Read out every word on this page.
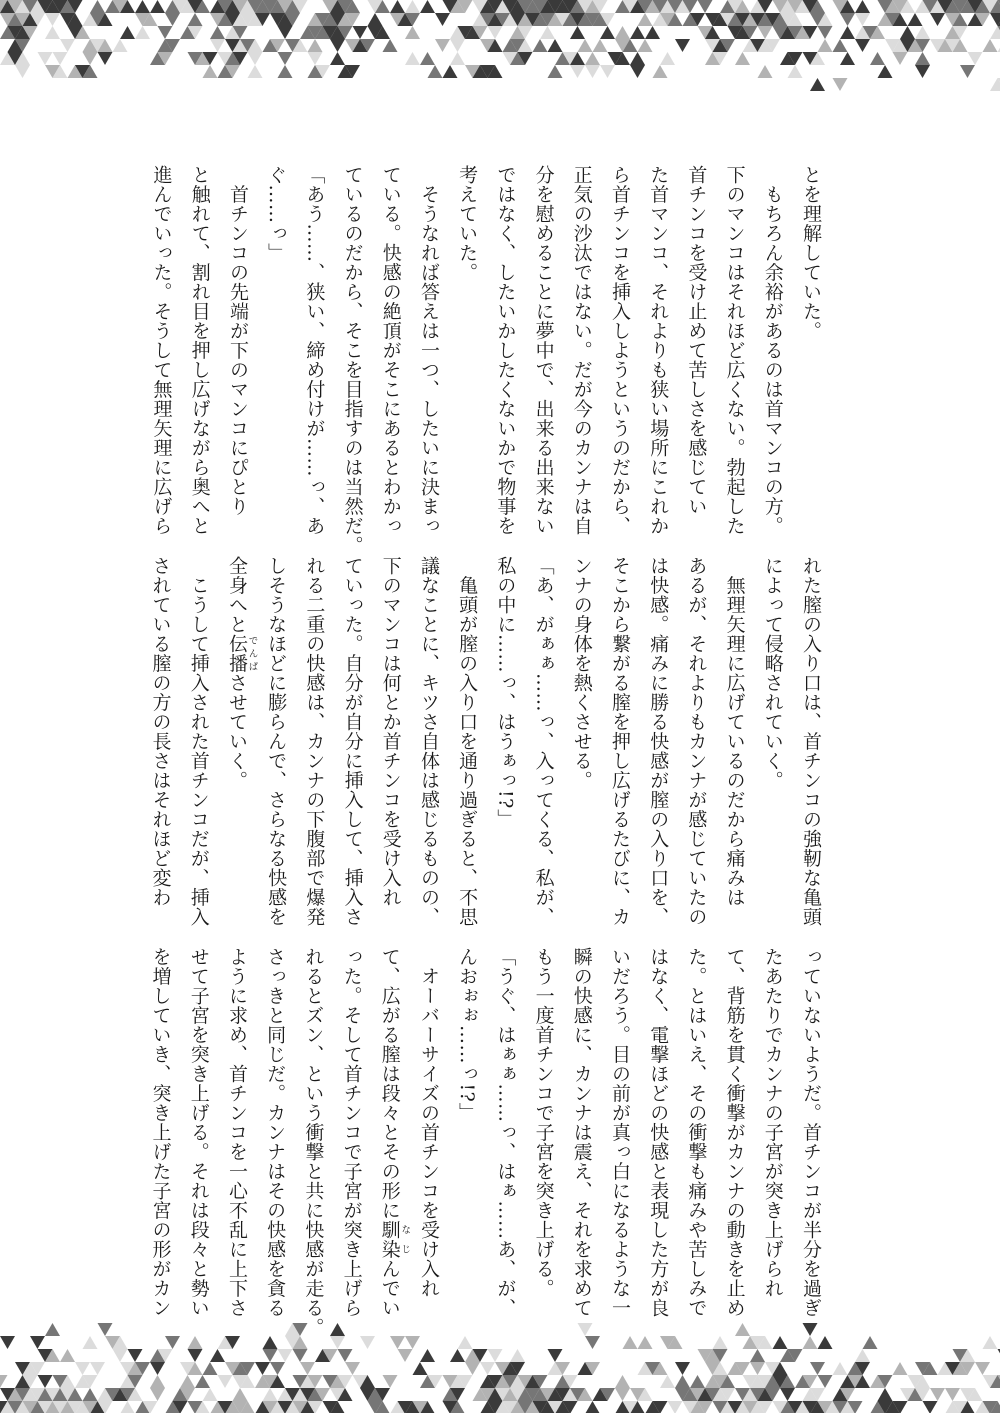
とを理解していた。

　もちろん余裕があるのは首マンコの方。

下のマンコはそれほど広くない。勃起した

首チンコを受け止めて苦しさを感じてい

た首マンコ、それよりも狭い場所にこれか

ら首チンコを挿入しようというのだから、

正気の沙汰ではない。だが今のカンナは自

分を慰めることに夢中で、出来る出来ない

ではなく、したいかしたくないかで物事を

考えていた。

　そうなれば答えは一つ、したいに決まっ

ている。快感の絶頂がそこにあるとわかっ

ているのだから、そこを目指すのは当然だ。

「あう……、狭い、締め付けが……っ、あ

ぐ……っ」

　首チンコの先端が下のマンコにぴとり

と触れて、割れ目を押し広げながら奥へと

進んでいった。そうして無理矢理に広げら

れた膣の入り口は、首チンコの強靭な亀頭

によって侵略されていく。

　無理矢理に広げているのだから痛みは

あるが、それよりもカンナが感じていたの

は快感。痛みに勝る快感が膣の入り口を、

そこから繋がる膣を押し広げるたびに、カ

ンナの身体を熱くさせる。

「あ、がぁぁ……っ、入ってくる、私が、

私の中に……っ、はうぁっ!?」

　亀頭が膣の入り口を通り過ぎると、不思

議なことに、キツさ自体は感じるものの、

下のマンコは何とか首チンコを受け入れ

ていった。自分が自分に挿入して、挿入さ

れる二重の快感は、カンナの下腹部で爆発

しそうなほどに膨らんで、さらなる快感を

全身へと伝播でんぱさせていく。

　こうして挿入された首チンコだが、挿入

されている膣の方の長さはそれほど変わ

っていないようだ。首チンコが半分を過ぎ

たあたりでカンナの子宮が突き上げられ

て、背筋を貫く衝撃がカンナの動きを止め

た。とはいえ、その衝撃も痛みや苦しみで

はなく、電撃ほどの快感と表現した方が良

いだろう。目の前が真っ白になるような一

瞬の快感に、カンナは震え、それを求めて

もう一度首チンコで子宮を突き上げる。

「うぐ、はぁぁ……っ、はぁ……あ、が、

んおぉぉ……っ!?」

　オーバーサイズの首チンコを受け入れ

て、広がる膣は段々とその形に馴染なじんでい

った。そして首チンコで子宮が突き上げら

れるとズン、という衝撃と共に快感が走る。

さっきと同じだ。カンナはその快感を貪る

ように求め、首チンコを一心不乱に上下さ

せて子宮を突き上げる。それは段々と勢い

を増していき、突き上げた子宮の形がカン
